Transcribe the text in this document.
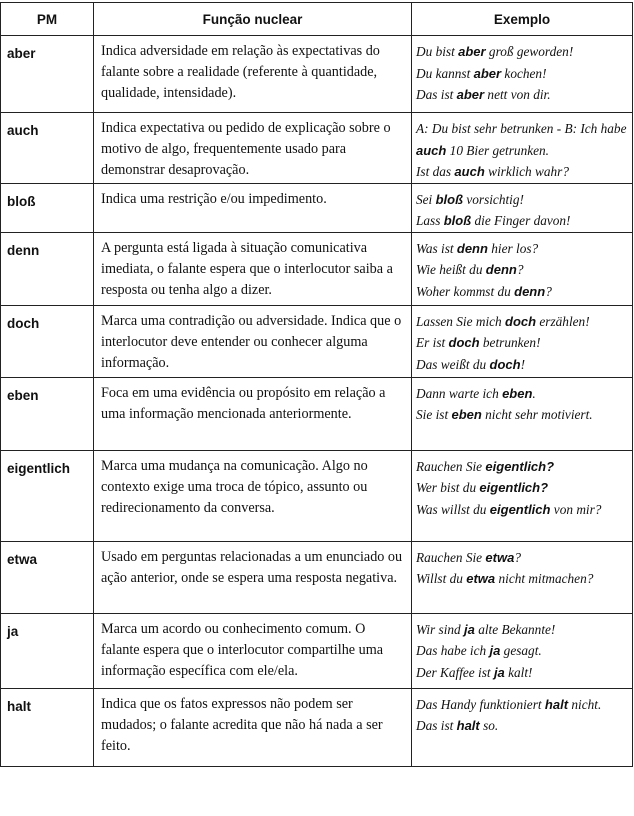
PM	Função nuclear	Exemplo
aber	Indica adversidade em relação às expectativas do falante sobre a realidade (referente à quantidade, qualidade, intensidade).	Du bist aber groß geworden!
Du kannst aber kochen!
Das ist aber nett von dir.

auch	Indica expectativa ou pedido de explicação sobre o motivo de algo, frequentemente usado para demonstrar desaprovação.	A: Du bist sehr betrunken - B: Ich habe auch 10 Bier getrunken.
Ist das auch wirklich wahr?

bloß	Indica uma restrição e/ou impedimento.	Sei bloß vorsichtig!
Lass bloß die Finger davon!

denn	A pergunta está ligada à situação comunicativa imediata, o falante espera que o interlocutor saiba a resposta ou tenha algo a dizer.	Was ist denn hier los?
Wie heißt du denn?
Woher kommst du denn?

doch	Marca uma contradição ou adversidade. Indica que o interlocutor deve entender ou conhecer alguma informação.	Lassen Sie mich doch erzählen!
Er ist doch betrunken!
Das weißt du doch!

eben	Foca em uma evidência ou propósito em relação a uma informação mencionada anteriormente.	Dann warte ich eben.
Sie ist eben nicht sehr motiviert.

eigentlich	Marca uma mudança na comunicação. Algo no contexto exige uma troca de tópico, assunto ou redirecionamento da conversa.	Rauchen Sie eigentlich?
Wer bist du eigentlich?
Was willst du eigentlich von mir?

etwa	Usado em perguntas relacionadas a um enunciado ou ação anterior, onde se espera uma resposta negativa.	Rauchen Sie etwa?
Willst du etwa nicht mitmachen?

ja	Marca um acordo ou conhecimento comum. O falante espera que o interlocutor compartilhe uma informação específica com ele/ela.	Wir sind ja alte Bekannte!
Das habe ich ja gesagt.
Der Kaffee ist ja kalt!

halt	Indica que os fatos expressos não podem ser mudados; o falante acredita que não há nada a ser feito.	Das Handy funktioniert halt nicht.
Das ist halt so.
